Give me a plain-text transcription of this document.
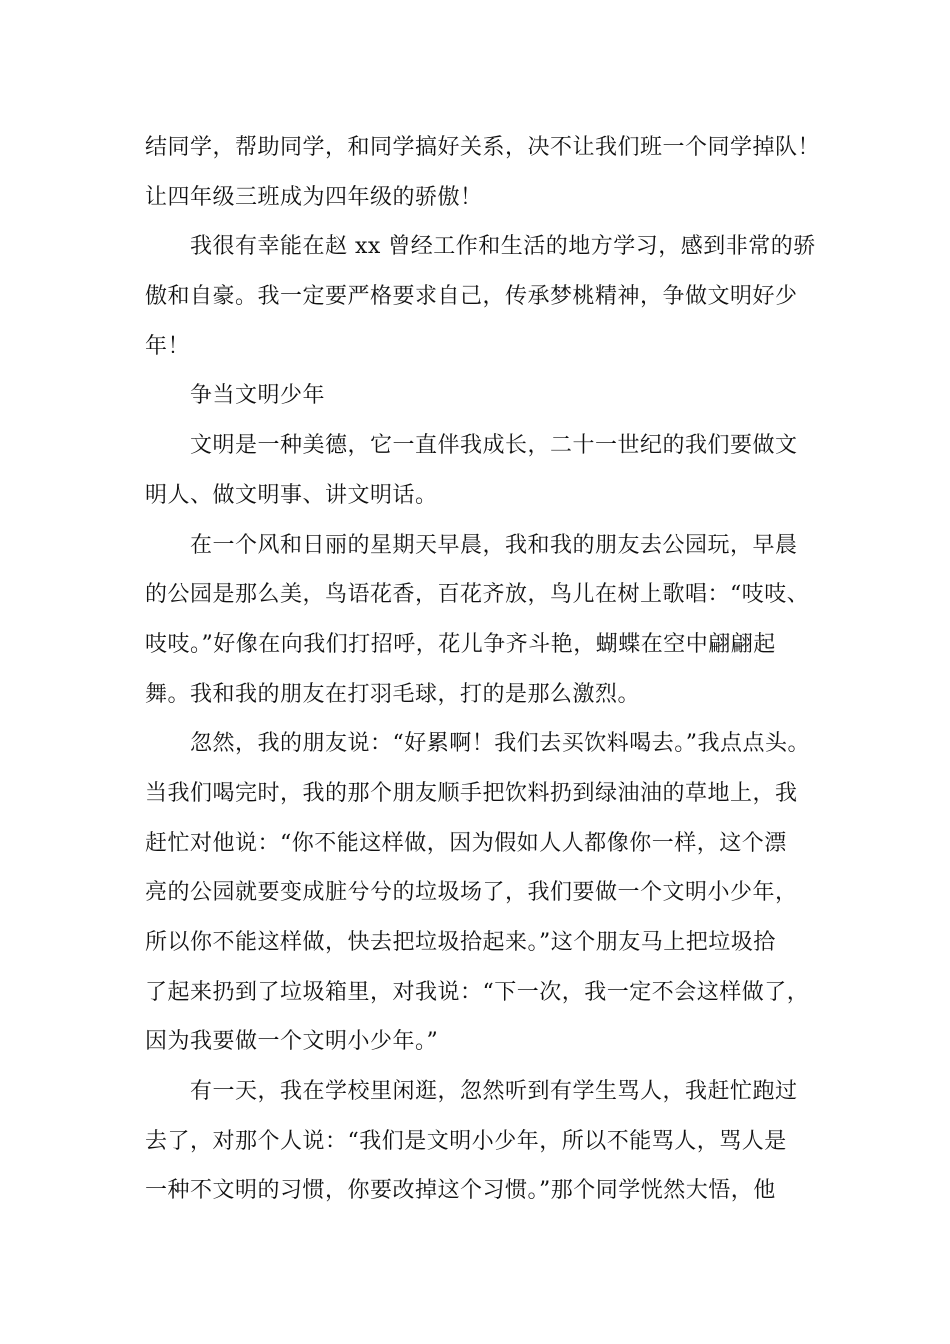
结同学，帮助同学，和同学搞好关系，决不让我们班一个同学掉队！
让四年级三班成为四年级的骄傲！
我很有幸能在赵 xx 曾经工作和生活的地方学习，感到非常的骄
傲和自豪。我一定要严格要求自己，传承梦桃精神，争做文明好少
年！
争当文明少年
文明是一种美德，它一直伴我成长，二十一世纪的我们要做文
明人、做文明事、讲文明话。
在一个风和日丽的星期天早晨，我和我的朋友去公园玩，早晨
的公园是那么美，鸟语花香，百花齐放，鸟儿在树上歌唱：“吱吱、
吱吱。”好像在向我们打招呼，花儿争齐斗艳，蝴蝶在空中翩翩起
舞。我和我的朋友在打羽毛球，打的是那么激烈。
忽然，我的朋友说：“好累啊！我们去买饮料喝去。”我点点头。
当我们喝完时，我的那个朋友顺手把饮料扔到绿油油的草地上，我
赶忙对他说：“你不能这样做，因为假如人人都像你一样，这个漂
亮的公园就要变成脏兮兮的垃圾场了，我们要做一个文明小少年，
所以你不能这样做，快去把垃圾拾起来。”这个朋友马上把垃圾拾
了起来扔到了垃圾箱里，对我说：“下一次，我一定不会这样做了，
因为我要做一个文明小少年。”
有一天，我在学校里闲逛，忽然听到有学生骂人，我赶忙跑过
去了，对那个人说：“我们是文明小少年，所以不能骂人，骂人是
一种不文明的习惯，你要改掉这个习惯。”那个同学恍然大悟，他
